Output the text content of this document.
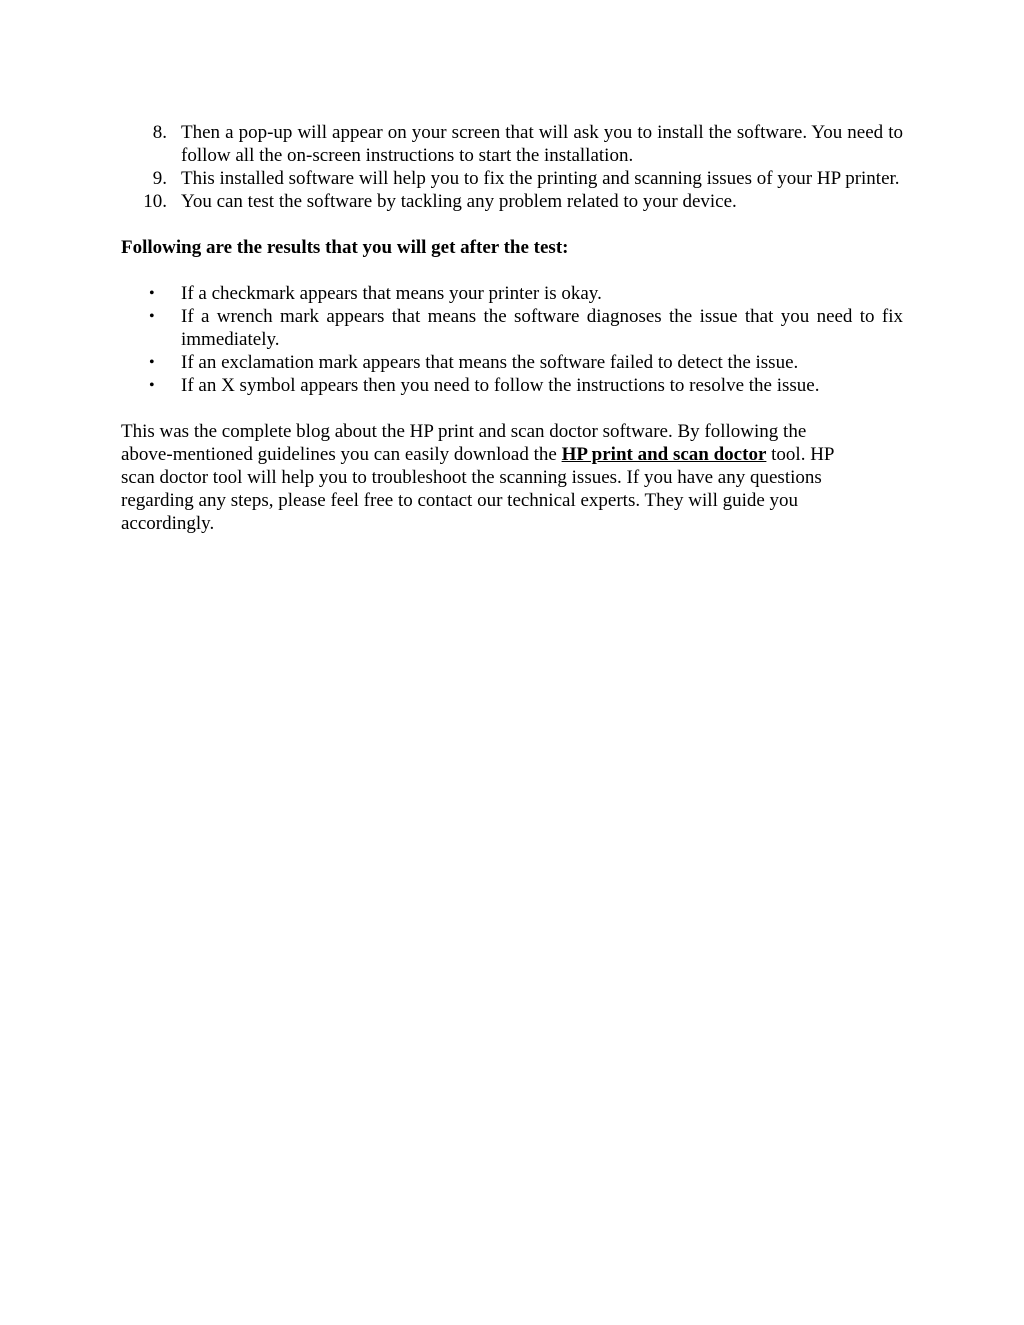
8. Then a pop-up will appear on your screen that will ask you to install the software. You need to follow all the on-screen instructions to start the installation.
9. This installed software will help you to fix the printing and scanning issues of your HP printer.
10. You can test the software by tackling any problem related to your device.
Following are the results that you will get after the test:
• If a checkmark appears that means your printer is okay.
• If a wrench mark appears that means the software diagnoses the issue that you need to fix immediately.
• If an exclamation mark appears that means the software failed to detect the issue.
• If an X symbol appears then you need to follow the instructions to resolve the issue.
This was the complete blog about the HP print and scan doctor software. By following the
above-mentioned guidelines you can easily download the HP print and scan doctor tool. HP
scan doctor tool will help you to troubleshoot the scanning issues. If you have any questions
regarding any steps, please feel free to contact our technical experts. They will guide you
accordingly.
